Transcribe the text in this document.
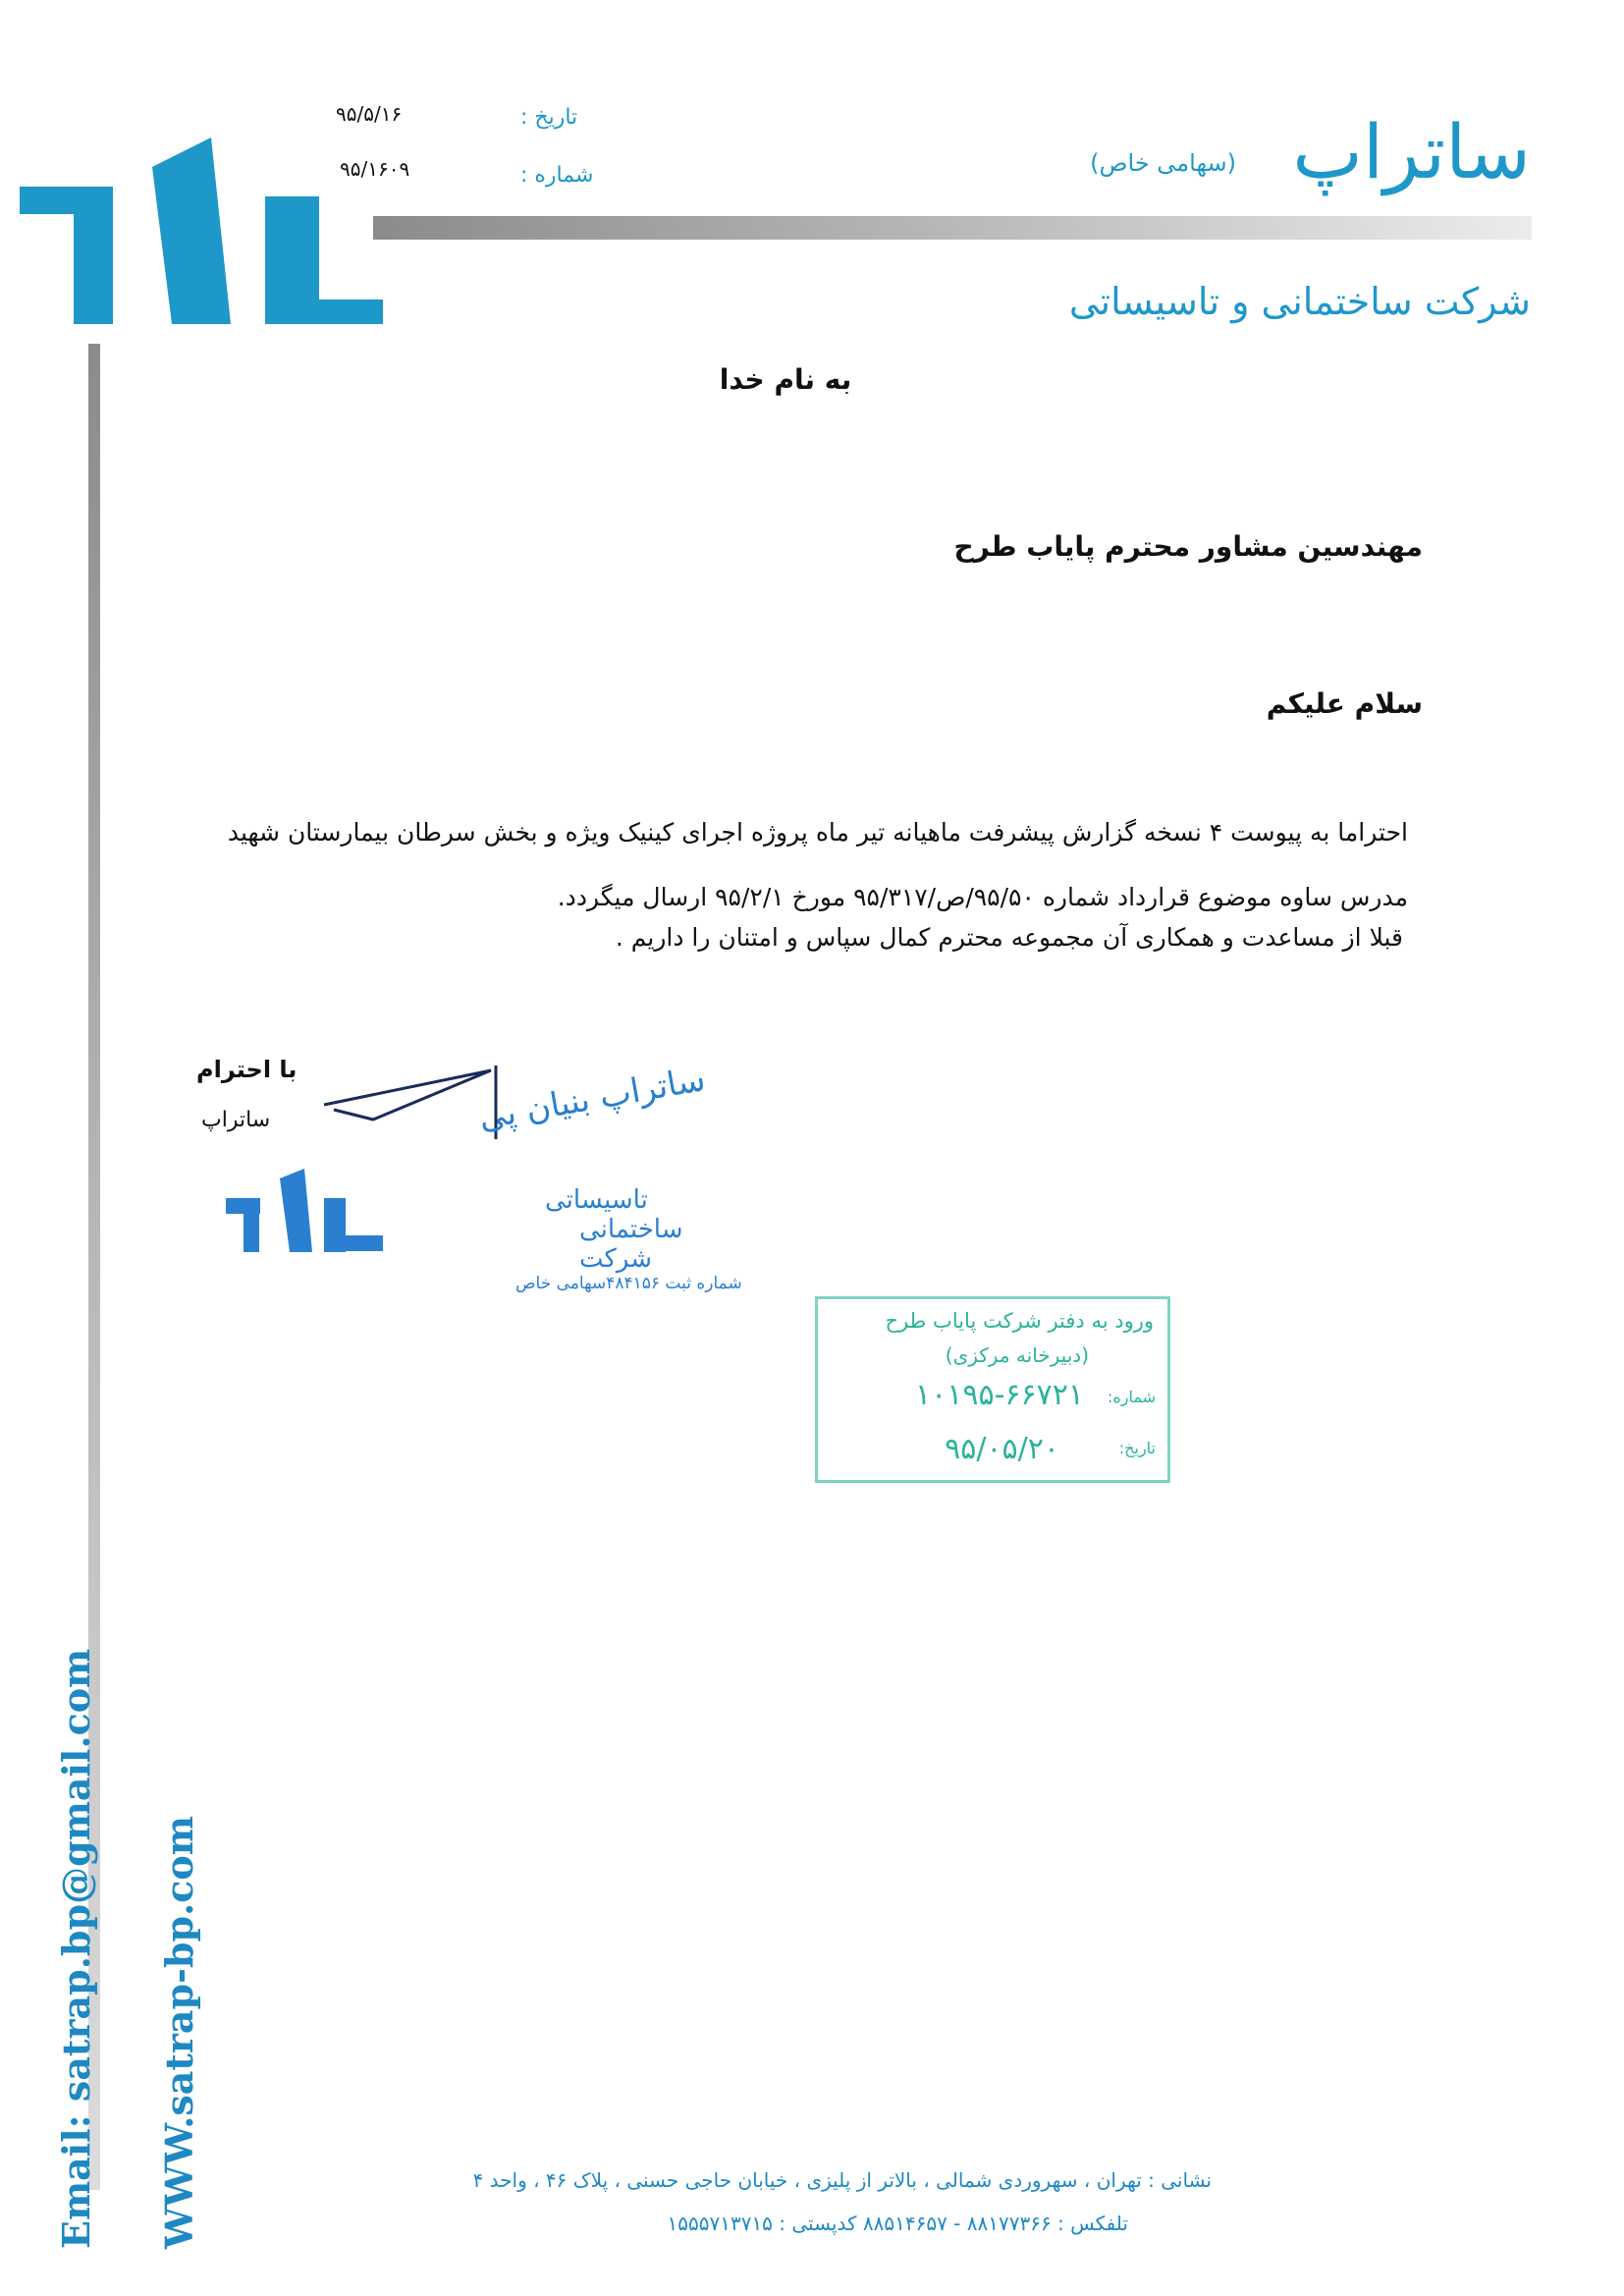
ساتراپ
(سهامی خاص)
شرکت ساختمانی و تاسیساتی
تاریخ :
شماره :
۹۵/۵/۱۶
۹۵/۱۶۰۹
به نام خدا
مهندسین مشاور محترم پایاب طرح
سلام علیکم
احتراما به پیوست ۴ نسخه گزارش پیشرفت ماهیانه تیر ماه پروژه اجرای کینیک ویژه و بخش سرطان بیمارستان شهید مدرس ساوه موضوع قرارداد شماره ۹۵/۵۰/ص/۹۵/۳۱۷ مورخ ۹۵/۲/۱ ارسال میگردد.
قبلا از مساعدت و همکاری آن مجموعه محترم کمال سپاس و امتنان را داریم .
تاسیساتی
ساختمانی
شرکت
ساتراپ بنیان پی
شماره ثبت ۴۸۴۱۵۶سهامی خاص
با احترام
ساتراپ
ورود به دفتر شرکت پایاب طرح
(دبیرخانه مرکزی)
شماره:
۱۰۱۹۵-۶۶۷۲۱
تاریخ:
۹۵/۰۵/۲۰
Email: satrap.bp@gmail.com WWW.satrap-bp.com	نشانی : تهران ، سهروردی شمالی ، بالاتر از پلیزی ، خیابان حاجی حسنی ، پلاک ۴۶ ، واحد ۴
تلفکس : ۸۸۱۷۷۳۶۶ - ۸۸۵۱۴۶۵۷ کدپستی : ۱۵۵۵۷۱۳۷۱۵
